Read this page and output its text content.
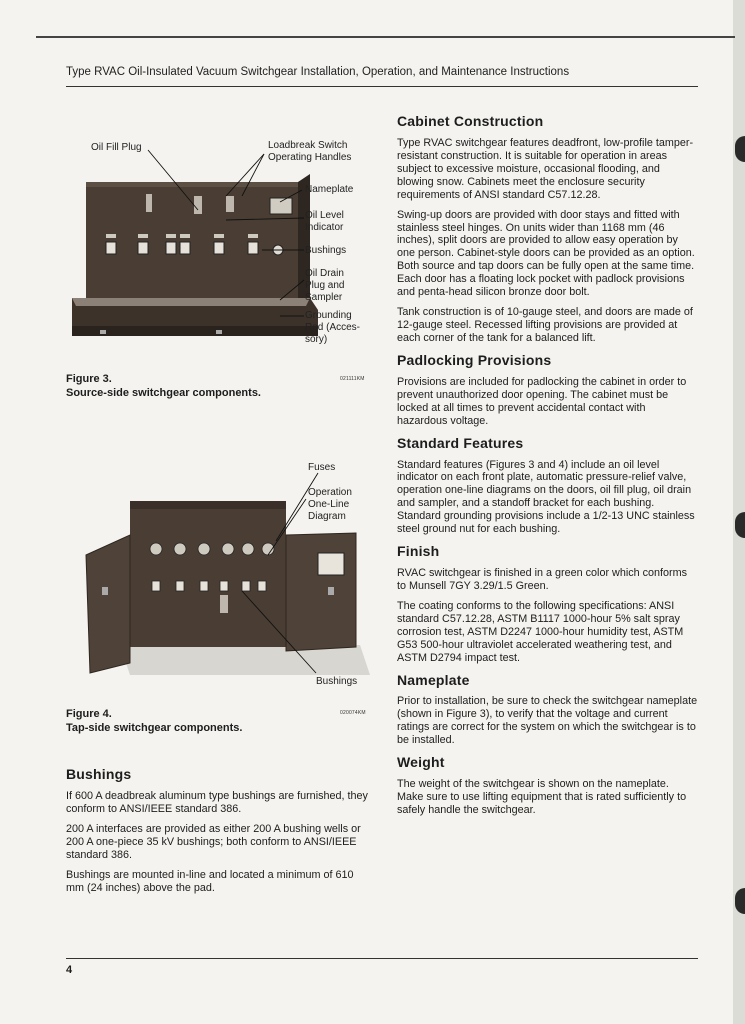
Type RVAC Oil-Insulated Vacuum Switchgear Installation, Operation, and Maintenance Instructions
Oil Fill Plug	Loadbreak Switch
Operating Handles
Nameplate
Oil Level
Indicator
Bushings
Oil Drain
Plug and
Sampler
Grounding
Rod (Acces-
sory)
021111KM
Figure 3.
Source-side switchgear components.
Fuses
Operation
One-Line
Diagram
Bushings
020074KM
Figure 4.
Tap-side switchgear components.
Bushings

If 600 A deadbreak aluminum type bushings are furnished, they conform to ANSI/IEEE standard 386.

200 A interfaces are provided as either 200 A bushing wells or 200 A one-piece 35 kV bushings; both conform to ANSI/IEEE standard 386.

Bushings are mounted in-line and located a minimum of 610 mm (24 inches) above the pad.

Cabinet Construction

Type RVAC switchgear features deadfront, low-profile tamper-resistant construction. It is suitable for operation in areas subject to excessive moisture, occasional flooding, and blowing snow. Cabinets meet the enclosure security requirements of ANSI standard C57.12.28.

Swing-up doors are provided with door stays and fitted with stainless steel hinges. On units wider than 1168 mm (46 inches), split doors are provided to allow easy operation by one person. Cabinet-style doors can be provided as an option. Both source and tap doors can be fully open at the same time. Each door has a floating lock pocket with padlock provisions and penta-head silicon bronze door bolt.

Tank construction is of 10-gauge steel, and doors are made of 12-gauge steel. Recessed lifting provisions are provided at each corner of the tank for a balanced lift.

Padlocking Provisions

Provisions are included for padlocking the cabinet in order to prevent unauthorized door opening. The cabinet must be locked at all times to prevent accidental contact with hazardous voltage.

Standard Features

Standard features (Figures 3 and 4) include an oil level indicator on each front plate, automatic pressure-relief valve, operation one-line diagrams on the doors, oil fill plug, oil drain and sampler, and a standoff bracket for each bushing. Standard grounding provisions include a 1/2-13 UNC stainless steel ground nut for each bushing.

Finish

RVAC switchgear is finished in a green color which conforms to Munsell 7GY 3.29/1.5 Green.

The coating conforms to the following specifications: ANSI standard C57.12.28, ASTM B1117 1000-hour 5% salt spray corrosion test, ASTM D2247 1000-hour humidity test, ASTM G53 500-hour ultraviolet accelerated weathering test, and ASTM D2794 impact test.

Nameplate

Prior to installation, be sure to check the switchgear nameplate (shown in Figure 3), to verify that the voltage and current ratings are correct for the system on which the switchgear is to be installed.

Weight

The weight of the switchgear is shown on the nameplate. Make sure to use lifting equipment that is rated sufficiently to safely handle the switchgear.

4
